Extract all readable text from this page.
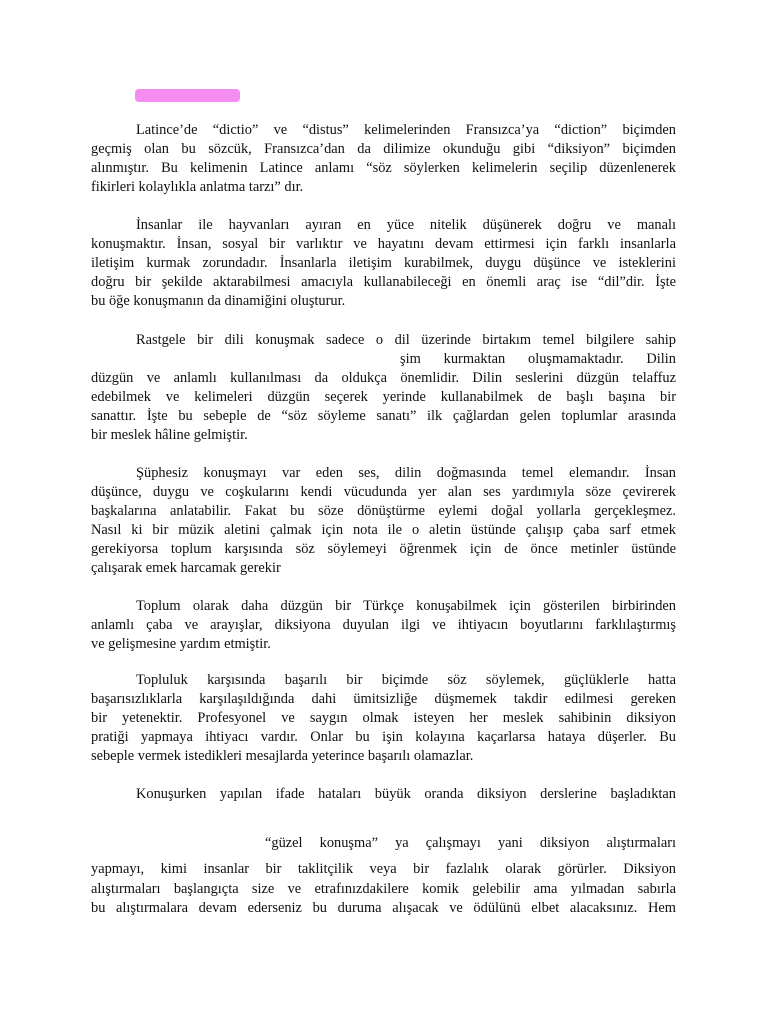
Latince’de “dictio” ve “distus” kelimelerinden Fransızca’ya “diction” biçimden
geçmiş olan bu sözcük, Fransızca’dan da dilimize okunduğu gibi “diksiyon” biçimden
alınmıştır. Bu kelimenin Latince anlamı “söz söylerken kelimelerin seçilip düzenlenerek
fikirleri kolaylıkla anlatma tarzı” dır.
İnsanlar ile hayvanları ayıran en yüce nitelik düşünerek doğru ve manalı
konuşmaktır. İnsan, sosyal bir varlıktır ve hayatını devam ettirmesi için farklı insanlarla
iletişim kurmak zorundadır. İnsanlarla iletişim kurabilmek, duygu düşünce ve isteklerini
doğru bir şekilde aktarabilmesi amacıyla kullanabileceği en önemli araç ise “dil”dir. İşte
bu öğe konuşmanın da dinamiğini oluşturur.
Rastgele bir dili konuşmak sadece o dil üzerinde birtakım temel bilgilere sahip
şim kurmaktan oluşmamaktadır. Dilin
düzgün ve anlamlı kullanılması da oldukça önemlidir. Dilin seslerini düzgün telaffuz
edebilmek ve kelimeleri düzgün seçerek yerinde kullanabilmek de başlı başına bir
sanattır. İşte bu sebeple de “söz söyleme sanatı” ilk çağlardan gelen toplumlar arasında
bir meslek hâline gelmiştir.
Şüphesiz konuşmayı var eden ses, dilin doğmasında temel elemandır. İnsan
düşünce, duygu ve coşkularını kendi vücudunda yer alan ses yardımıyla söze çevirerek
başkalarına anlatabilir. Fakat bu söze dönüştürme eylemi doğal yollarla gerçekleşmez.
Nasıl ki bir müzik aletini çalmak için nota ile o aletin üstünde çalışıp çaba sarf etmek
gerekiyorsa toplum karşısında söz söylemeyi öğrenmek için de önce metinler üstünde
çalışarak emek harcamak gerekir
Toplum olarak daha düzgün bir Türkçe konuşabilmek için gösterilen birbirinden
anlamlı çaba ve arayışlar, diksiyona duyulan ilgi ve ihtiyacın boyutlarını farklılaştırmış
ve gelişmesine yardım etmiştir.
Topluluk karşısında başarılı bir biçimde söz söylemek, güçlüklerle hatta
başarısızlıklarla karşılaşıldığında dahi ümitsizliğe düşmemek takdir edilmesi gereken
bir yetenektir. Profesyonel ve saygın olmak isteyen her meslek sahibinin diksiyon
pratiği yapmaya ihtiyacı vardır. Onlar bu işin kolayına kaçarlarsa hataya düşerler. Bu
sebeple vermek istedikleri mesajlarda yeterince başarılı olamazlar.
Konuşurken yapılan ifade hataları büyük oranda diksiyon derslerine başladıktan
“güzel konuşma” ya çalışmayı yani diksiyon alıştırmaları
yapmayı, kimi insanlar bir taklitçilik veya bir fazlalık olarak görürler. Diksiyon
alıştırmaları başlangıçta size ve etrafınızdakilere komik gelebilir ama yılmadan sabırla
bu alıştırmalara devam ederseniz bu duruma alışacak ve ödülünü elbet alacaksınız. Hem
